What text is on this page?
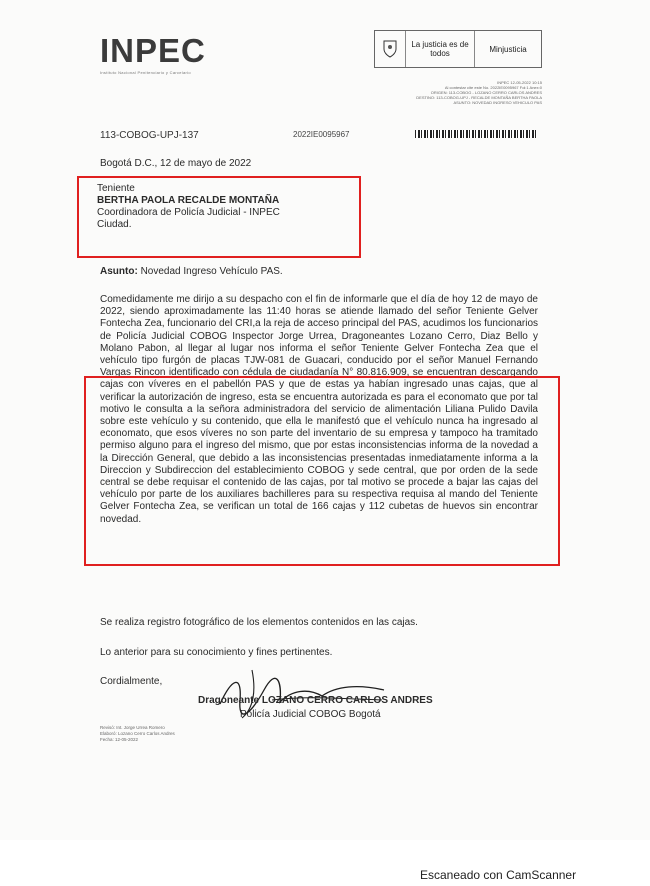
INPEC
Instituto Nacional Penitenciario y Carcelario
La justicia es de todos	Minjusticia
INPEC 12-05-2022 10:15
Al contestar cite este No. 2022IE0095967 Fol:1 Anex:0
ORIGEN: 113-COBOG - LOZANO CERRO CARLOS ANDRES
DESTINO: 113-COBOG-UPJ - RECALDE MONTAÑA BERTHA PAOLA
ASUNTO: NOVEDAD INGRESO VEHICULO PAS
113-COBOG-UPJ-137	2022IE0095967
Bogotá D.C., 12 de mayo de 2022
Teniente
BERTHA PAOLA RECALDE MONTAÑA
Coordinadora de Policía Judicial - INPEC
Ciudad.
Asunto: Novedad Ingreso Vehículo PAS.

Comedidamente me dirijo a su despacho con el fin de informarle que el día de hoy 12 de mayo de 2022, siendo aproximadamente las 11:40 horas se atiende llamado del señor Teniente Gelver Fontecha Zea, funcionario del CRI,a la reja de acceso principal del PAS, acudimos los funcionarios de Policía Judicial COBOG Inspector Jorge Urrea, Dragoneantes Lozano Cerro, Diaz Bello y Molano Pabon, al llegar al lugar nos informa el señor Teniente Gelver Fontecha Zea que el vehículo tipo furgón de placas TJW-081 de Guacari, conducido por el señor Manuel Fernando Vargas Rincon identificado con cédula de ciudadanía N° 80.816.909, se encuentran descargando cajas con víveres en el pabellón PAS y que de estas ya habían ingresado unas cajas, que al verificar la autorización de ingreso, esta se encuentra autorizada es para el economato que por tal motivo le consulta a la señora administradora del servicio de alimentación Liliana Pulido Davila sobre este vehículo y su contenido, que ella le manifestó que el vehículo nunca ha ingresado al economato, que esos víveres no son parte del inventario de su empresa y tampoco ha tramitado permiso alguno para el ingreso del mismo, que por estas inconsistencias informa de la novedad a la Dirección General, que debido a las inconsistencias presentadas inmediatamente informa a la Direccion y Subdireccion del establecimiento COBOG y sede central, que por orden de la sede central se debe requisar el contenido de las cajas, por tal motivo se procede a bajar las cajas del vehículo por parte de los auxiliares bachilleres para su respectiva requisa al mando del Teniente Gelver Fontecha Zea, se verifican un total de 166 cajas y 112 cubetas de huevos sin encontrar novedad.

Se realiza registro fotográfico de los elementos contenidos en las cajas.
Lo anterior para su conocimiento y fines pertinentes.
Cordialmente,
Dragoneante LOZANO CERRO CARLOS ANDRES
Policía Judicial COBOG Bogotá
Revisó: Int. Jorge Urrea Romero
Elaboró: Lozano Cerro Carlos Andres
Fecha: 12-05-2022
Escaneado con CamScanner
